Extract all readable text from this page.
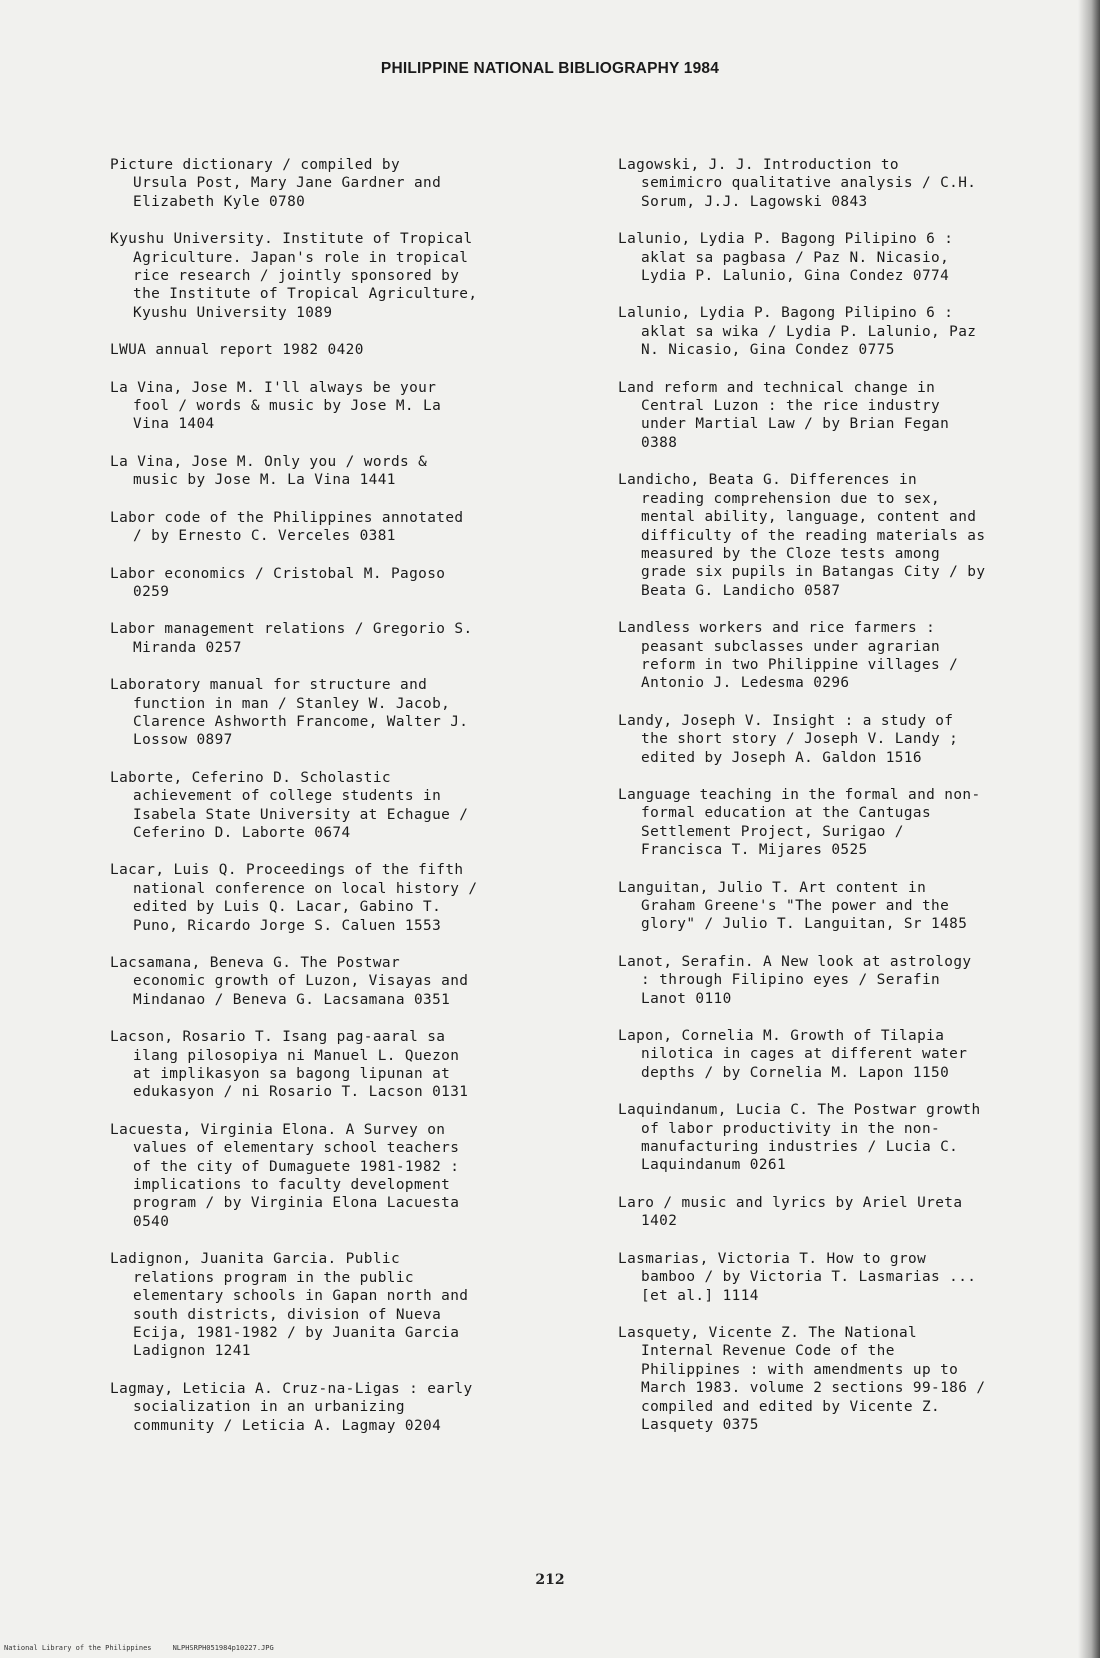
PHILIPPINE NATIONAL BIBLIOGRAPHY 1984
Picture dictionary / compiled by
Ursula Post, Mary Jane Gardner and
Elizabeth Kyle 0780
Kyushu University. Institute of Tropical
Agriculture. Japan's role in tropical
rice research / jointly sponsored by
the Institute of Tropical Agriculture,
Kyushu University 1089
LWUA annual report 1982 0420
La Vina, Jose M. I'll always be your
fool / words & music by Jose M. La
Vina 1404
La Vina, Jose M. Only you / words &
music by Jose M. La Vina 1441
Labor code of the Philippines annotated
/ by Ernesto C. Verceles 0381
Labor economics / Cristobal M. Pagoso
0259
Labor management relations / Gregorio S.
Miranda 0257
Laboratory manual for structure and
function in man / Stanley W. Jacob,
Clarence Ashworth Francome, Walter J.
Lossow 0897
Laborte, Ceferino D. Scholastic
achievement of college students in
Isabela State University at Echague /
Ceferino D. Laborte 0674
Lacar, Luis Q. Proceedings of the fifth
national conference on local history /
edited by Luis Q. Lacar, Gabino T.
Puno, Ricardo Jorge S. Caluen 1553
Lacsamana, Beneva G. The Postwar
economic growth of Luzon, Visayas and
Mindanao / Beneva G. Lacsamana 0351
Lacson, Rosario T. Isang pag-aaral sa
ilang pilosopiya ni Manuel L. Quezon
at implikasyon sa bagong lipunan at
edukasyon / ni Rosario T. Lacson 0131
Lacuesta, Virginia Elona. A Survey on
values of elementary school teachers
of the city of Dumaguete 1981-1982 :
implications to faculty development
program / by Virginia Elona Lacuesta
0540
Ladignon, Juanita Garcia. Public
relations program in the public
elementary schools in Gapan north and
south districts, division of Nueva
Ecija, 1981-1982 / by Juanita Garcia
Ladignon 1241
Lagmay, Leticia A. Cruz-na-Ligas : early
socialization in an urbanizing
community / Leticia A. Lagmay 0204
Lagowski, J. J. Introduction to
semimicro qualitative analysis / C.H.
Sorum, J.J. Lagowski 0843
Lalunio, Lydia P. Bagong Pilipino 6 :
aklat sa pagbasa / Paz N. Nicasio,
Lydia P. Lalunio, Gina Condez 0774
Lalunio, Lydia P. Bagong Pilipino 6 :
aklat sa wika / Lydia P. Lalunio, Paz
N. Nicasio, Gina Condez 0775
Land reform and technical change in
Central Luzon : the rice industry
under Martial Law / by Brian Fegan
0388
Landicho, Beata G. Differences in
reading comprehension due to sex,
mental ability, language, content and
difficulty of the reading materials as
measured by the Cloze tests among
grade six pupils in Batangas City / by
Beata G. Landicho 0587
Landless workers and rice farmers :
peasant subclasses under agrarian
reform in two Philippine villages /
Antonio J. Ledesma 0296
Landy, Joseph V. Insight : a study of
the short story / Joseph V. Landy ;
edited by Joseph A. Galdon 1516
Language teaching in the formal and non-
formal education at the Cantugas
Settlement Project, Surigao /
Francisca T. Mijares 0525
Languitan, Julio T. Art content in
Graham Greene's "The power and the
glory" / Julio T. Languitan, Sr 1485
Lanot, Serafin. A New look at astrology
: through Filipino eyes / Serafin
Lanot 0110
Lapon, Cornelia M. Growth of Tilapia
nilotica in cages at different water
depths / by Cornelia M. Lapon 1150
Laquindanum, Lucia C. The Postwar growth
of labor productivity in the non-
manufacturing industries / Lucia C.
Laquindanum 0261
Laro / music and lyrics by Ariel Ureta
1402
Lasmarias, Victoria T. How to grow
bamboo / by Victoria T. Lasmarias ...
[et al.] 1114
Lasquety, Vicente Z. The National
Internal Revenue Code of the
Philippines : with amendments up to
March 1983. volume 2 sections 99-186 /
compiled and edited by Vicente Z.
Lasquety 0375
212
National Library of the Philippines     NLPHSRPH051984p10227.JPG
